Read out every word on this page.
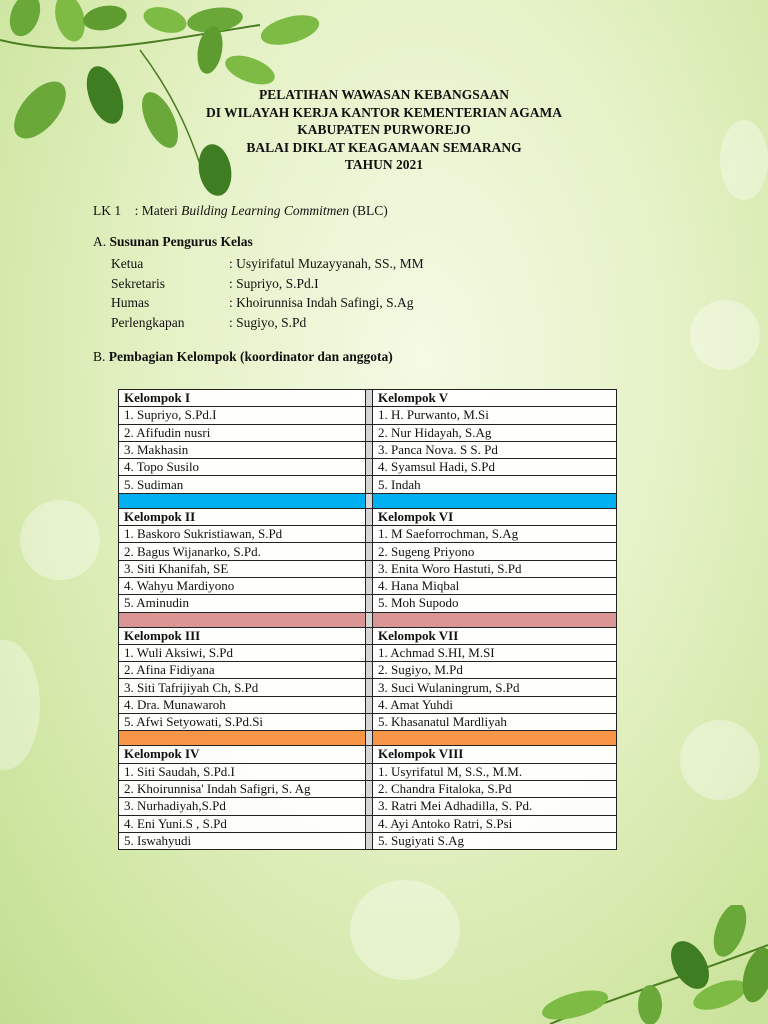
PELATIHAN WAWASAN KEBANGSAAN
DI WILAYAH KERJA KANTOR KEMENTERIAN AGAMA
KABUPATEN PURWOREJO
BALAI DIKLAT KEAGAMAAN SEMARANG
TAHUN 2021
LK 1 : Materi Building Learning Commitmen (BLC)
A. Susunan Pengurus Kelas
Ketua	: Usyirifatul Muzayyanah, SS., MM
Sekretaris	: Supriyo, S.Pd.I
Humas	: Khoirunnisa Indah Safingi, S.Ag
Perlengkapan	: Sugiyo, S.Pd
B. Pembagian Kelompok (koordinator dan anggota)
Kelompok I		Kelompok V
1. Supriyo, S.Pd.I		1. H. Purwanto, M.Si
2. Afifudin nusri		2. Nur Hidayah, S.Ag
3. Makhasin		3. Panca Nova. S S. Pd
4. Topo Susilo		4. Syamsul Hadi, S.Pd
5. Sudiman		5. Indah

Kelompok II		Kelompok VI
1. Baskoro Sukristiawan, S.Pd		1. M Saeforrochman, S.Ag
2. Bagus Wijanarko, S.Pd.		2. Sugeng Priyono
3. Siti Khanifah, SE		3. Enita Woro Hastuti, S.Pd
4. Wahyu Mardiyono		4. Hana Miqbal
5. Aminudin		5. Moh Supodo

Kelompok III		Kelompok VII
1. Wuli Aksiwi, S.Pd		1. Achmad S.HI, M.SI
2. Afina Fidiyana		2. Sugiyo, M.Pd
3. Siti Tafrijiyah Ch, S.Pd		3. Suci Wulaningrum, S.Pd
4. Dra. Munawaroh		4. Amat Yuhdi
5. Afwi Setyowati, S.Pd.Si		5. Khasanatul Mardliyah

Kelompok IV		Kelompok VIII
1. Siti Saudah, S.Pd.I		1. Usyrifatul M, S.S., M.M.
2. Khoirunnisa' Indah Safigri, S. Ag		2. Chandra Fitaloka, S.Pd
3. Nurhadiyah,S.Pd		3. Ratri Mei Adhadilla, S. Pd.
4. Eni Yuni.S , S.Pd		4. Ayi Antoko Ratri, S.Psi
5. Iswahyudi		5. Sugiyati S.Ag
